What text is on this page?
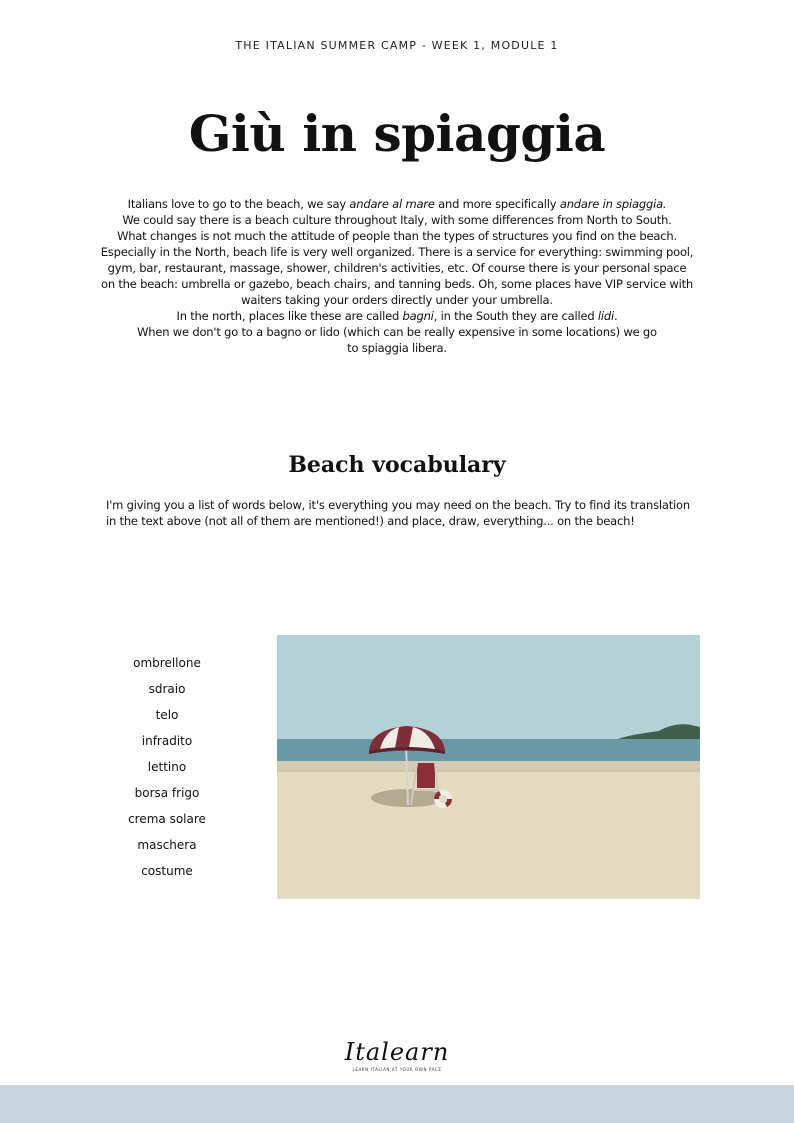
THE ITALIAN SUMMER CAMP - WEEK 1, MODULE 1
Giù in spiaggia

Italians love to go to the beach, we say andare al mare and more specifically andare in spiaggia.

We could say there is a beach culture throughout Italy, with some differences from North to South.

What changes is not much the attitude of people than the types of structures you find on the beach.

Especially in the North, beach life is very well organized. There is a service for everything: swimming pool, gym, bar, restaurant, massage, shower, children's activities, etc. Of course there is your personal space on the beach: umbrella or gazebo, beach chairs, and tanning beds. Oh, some places have VIP service with waiters taking your orders directly under your umbrella.

In the north, places like these are called bagni, in the South they are called lidi.

When we don't go to a bagno or lido (which can be really expensive in some locations) we go

to spiaggia libera.

Beach vocabulary

I'm giving you a list of words below, it's everything you may need on the beach. Try to find its translation

in the text above (not all of them are mentioned!) and place, draw, everything... on the beach!

ombrellone
sdraio
telo
infradito
lettino
borsa frigo
crema solare
maschera
costume
Italearn
LEARN ITALIAN AT YOUR OWN PACE
